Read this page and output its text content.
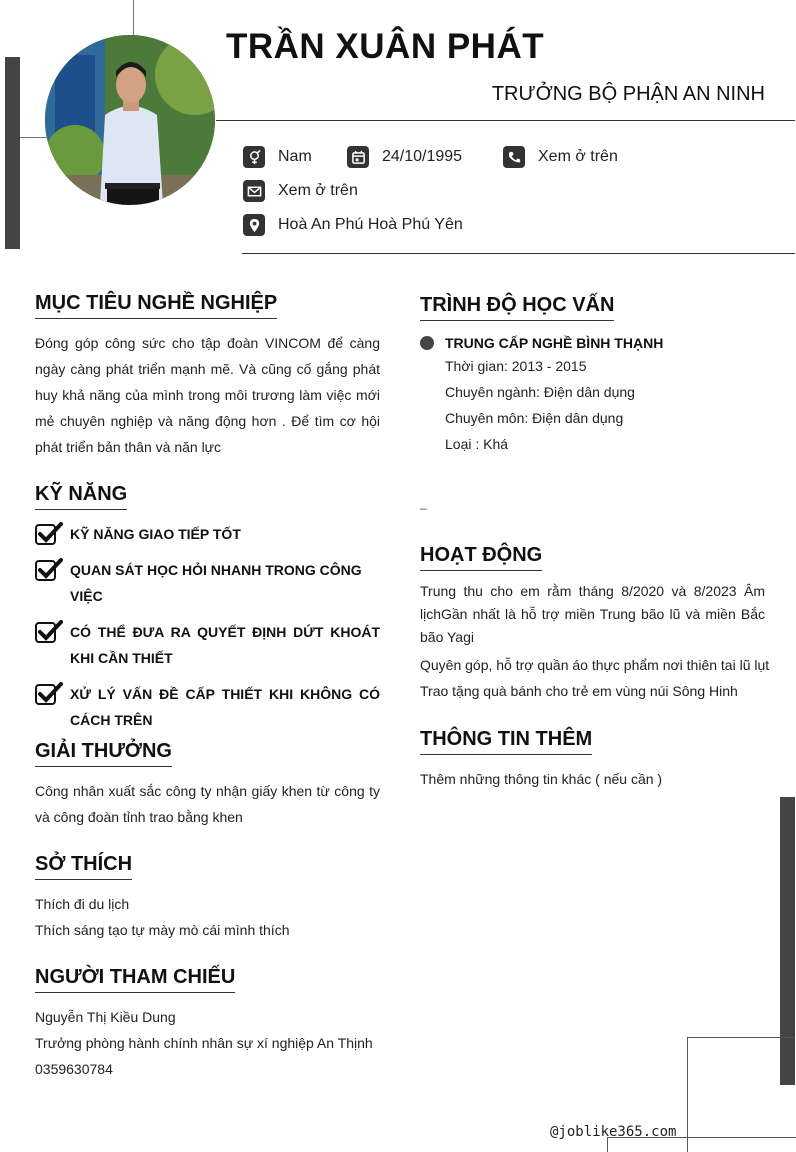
TRẦN XUÂN PHÁT
TRƯỞNG BỘ PHẬN AN NINH
Nam	24/10/1995	Xem ở trên
Xem ở trên
Hoà An Phú Hoà Phú Yên
MỤC TIÊU NGHỀ NGHIỆP
Đóng góp công sức cho tập đoàn VINCOM để càng ngày càng phát triển mạnh mẽ. Và cũng cố gắng phát huy khả năng của mình trong môi trương làm việc mới mẻ chuyên nghiệp và năng động hơn . Để tìm cơ hội phát triển bản thân và năn lực
KỸ NĂNG
KỸ NĂNG GIAO TIẾP TỐT
QUAN SÁT HỌC HỎI NHANH TRONG CÔNG VIỆC
CÓ THỂ ĐƯA RA QUYẾT ĐỊNH DỨT KHOÁT KHI CẦN THIẾT
XỬ LÝ VẤN ĐỀ CẤP THIẾT KHI KHÔNG CÓ CÁCH TRÊN
GIẢI THƯỞNG
Công nhân xuất sắc công ty nhận giấy khen từ công ty và công đoàn tỉnh trao bằng khen
SỞ THÍCH
Thích đi du lịch
Thích sáng tạo tự mày mò cái mình thích
NGƯỜI THAM CHIẾU
Nguyễn Thị Kiều Dung
Trưởng phòng hành chính nhân sự xí nghiệp An Thịnh
0359630784
TRÌNH ĐỘ HỌC VẤN
TRUNG CẤP NGHỀ BÌNH THẠNH
Thời gian: 2013 - 2015
Chuyên ngành: Điện dân dụng
Chuyên môn: Điện dân dụng
Loại : Khá
_
HOẠT ĐỘNG
Trung thu cho em rằm tháng 8/2020 và 8/2023 Âm lịchGần nhất là hỗ trợ miền Trung bão lũ và miền Bắc bão Yagi
Quyên góp, hỗ trợ quần áo thực phẩm nơi thiên tai lũ lụt
Trao tặng quà bánh cho trẻ em vùng núi Sông Hinh
THÔNG TIN THÊM
Thêm những thông tin khác ( nếu cần )
@joblike365.com
